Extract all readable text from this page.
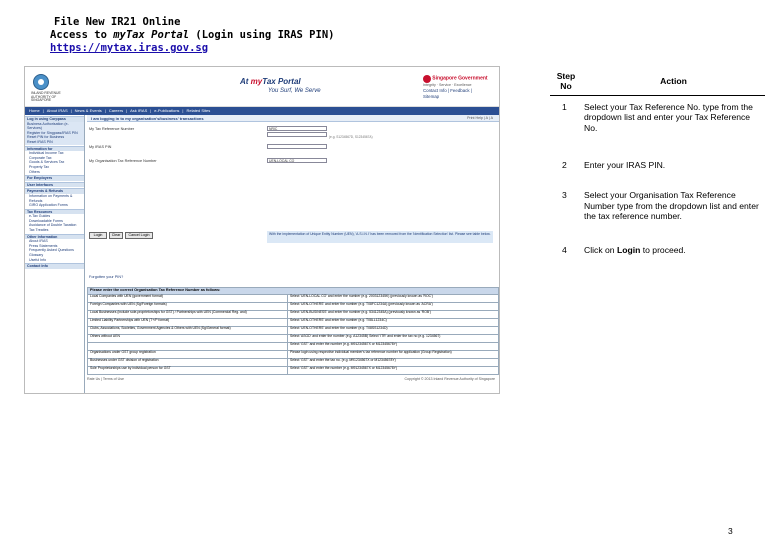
File New IR21 Online
Access to myTax Portal (Login using IRAS PIN)
https://mytax.iras.gov.sg
INLAND REVENUE AUTHORITY OF SINGAPORE
At myTax Portal
You Surf, We Serve
Singapore Government
Integrity · Service · Excellence
Contact Info | Feedback | Sitemap
Home | About IRAS | News & Events | Careers | Ask IRAS | e-Publications | Related Sites
Log in using Corppass
Business Authorisation (e-Services)
Register for Singpass/IRAS PIN
Reset PIN for Business
Reset IRAS PIN
Information for
Individual Income Tax
Corporate Tax
Goods & Services Tax
Property Tax
Others
For Employers
User Interfaces
Payments & Refunds
Information on Payments & Refunds
GIRO Application Forms
Tax Resources
e-Tax Guides
Downloadable Forms
Avoidance of Double Taxation
Tax Treaties
Other Information
About IRAS
Press Statements
Frequently Asked Questions
Glossary
Useful Info
Contact Info
I am logging in to my organisation's/business' transactions	Print Help | A | A
My Tax Reference Number	NRIC
(e.g. S1234567D, S1234567A)
My IRAS PIN
My Organisation Tax Reference Number	UEN-LOCAL CO
Login	Clear	Cancel Login	With the implementation of Unique Entity Number (UEN), 'A.S.I.N.I' has been removed from the 'Identification Selection' list. Please see table below.
Forgotten your PIN?
Please enter the correct Organisation Tax Reference Number as follows:	
Local Companies with UEN (government format)	Select 'UEN-LOCAL CO' and enter the number (e.g. 200312345K) (previously known as 'ROC')
Foreign Companies with UEN (Sg/Foreign formats)	Select 'UEN-OTHERS' and enter the number (e.g. T08FC1234A) (previously known as 'ACRA')
Local Businesses (include sole-proprietorships for GST) / Partnerships with UEN (Commercial Reg. and)	Select 'UEN-BUSINESS' and enter the number (e.g. 53412345A) (previously known as 'ROB')
Limited Liability Partnerships with UEN (T+/P format)	Select 'UEN-OTHERS' and enter the number (e.g. T08LL1234C)
Clubs, Associations, Societies, Government Agencies & Others with UEN (Sg/General format)	Select 'UEN-OTHERS' and enter the number (e.g. T08SS1234D)
Others without UEN	Select 'ASGD' and enter the number (e.g. A12345B) Select 'ITR' and enter the tax no (e.g. 1234567)
	Select 'GST' and enter the number (e.g. M91234567X or M12345678Y)
Organisations under GST group registration	Please login using respective individual member's tax reference number for application (Group Registration)
Businesses under GST division of registration	Select 'GST' and enter the tax no. (e.g. M91234567X or M12345678Y)
Sole Proprietorships use by individual person for GST	Select 'GST' and enter the number (e.g. M91234567X or M12345678Y)
Rate Us | Terms of Use	Copyright © 2013 Inland Revenue Authority of Singapore
Step No	Action
1	Select your Tax Reference No. type from the dropdown list and enter your Tax Reference No.
2	Enter your IRAS PIN.
3	Select your Organisation Tax Reference Number type from the dropdown list and enter the tax reference number.
4	Click on Login to proceed.
3
